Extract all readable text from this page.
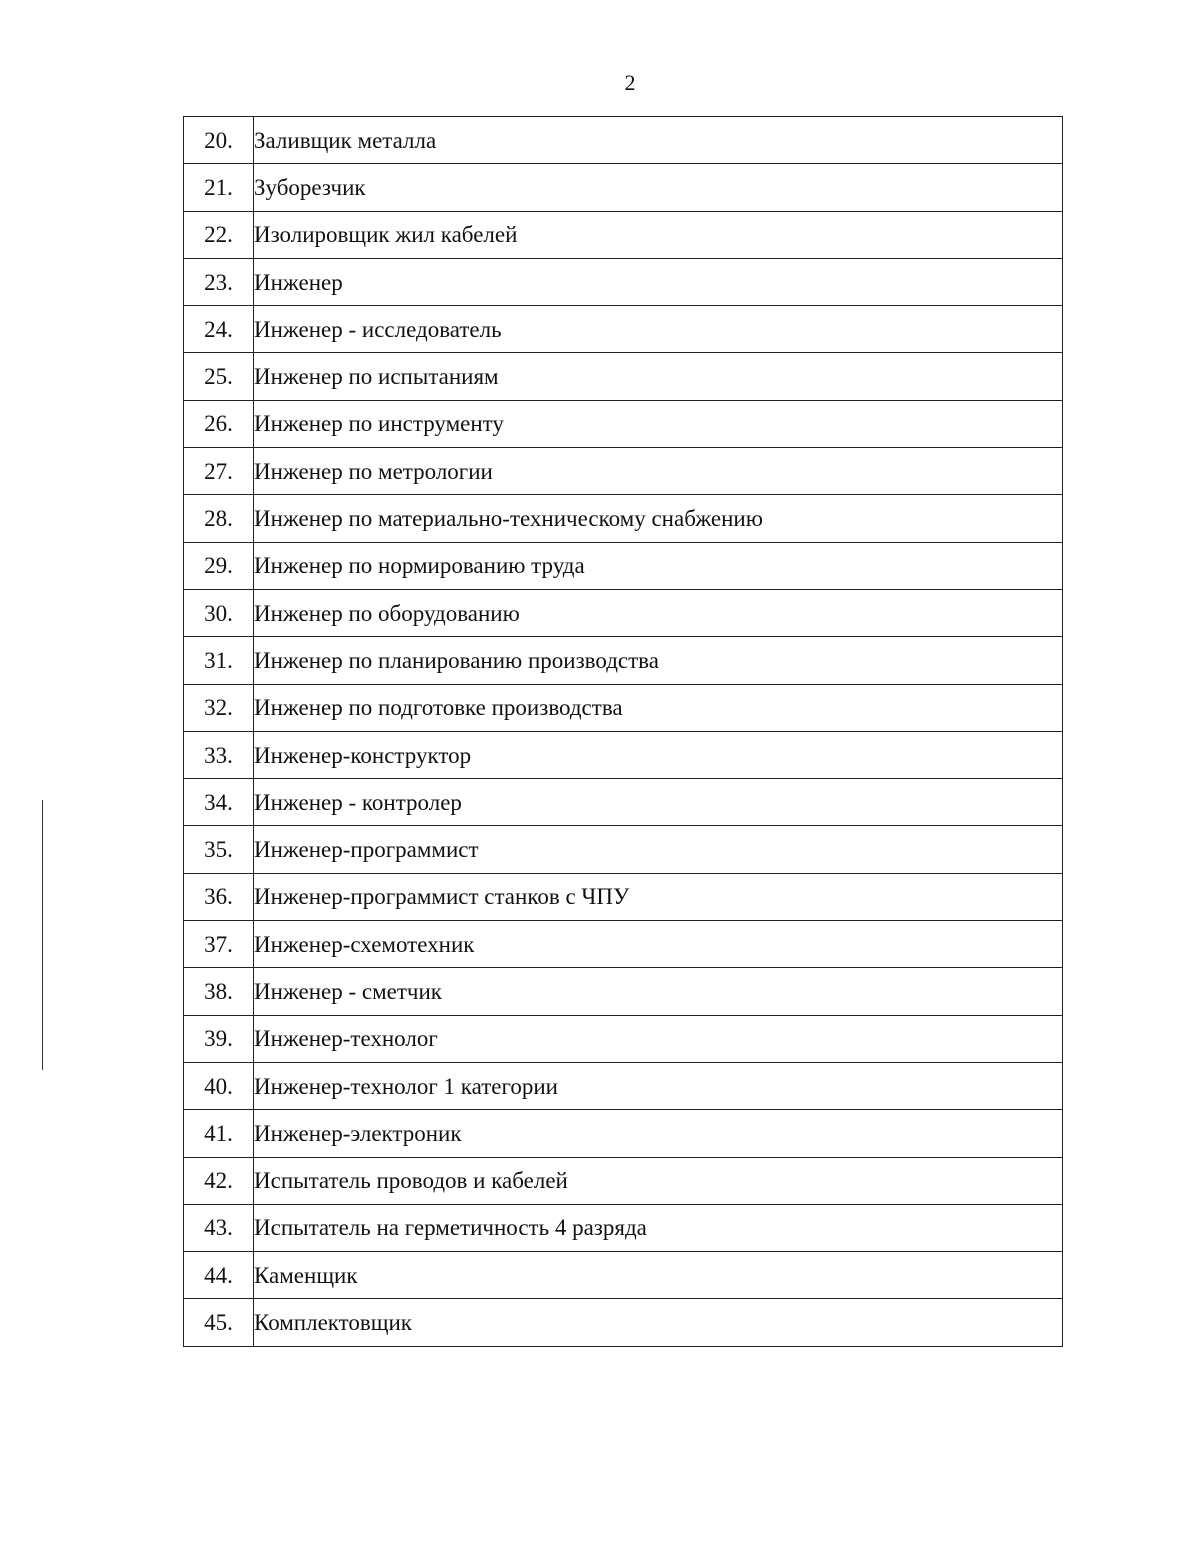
2
20.	Заливщик металла
21.	Зуборезчик
22.	Изолировщик жил кабелей
23.	Инженер
24.	Инженер - исследователь
25.	Инженер по испытаниям
26.	Инженер по инструменту
27.	Инженер по метрологии
28.	Инженер по материально-техническому снабжению
29.	Инженер по нормированию труда
30.	Инженер по оборудованию
31.	Инженер по планированию производства
32.	Инженер по подготовке производства
33.	Инженер-конструктор
34.	Инженер - контролер
35.	Инженер-программист
36.	Инженер-программист станков с ЧПУ
37.	Инженер-схемотехник
38.	Инженер - сметчик
39.	Инженер-технолог
40.	Инженер-технолог 1 категории
41.	Инженер-электроник
42.	Испытатель проводов и кабелей
43.	Испытатель на герметичность 4 разряда
44.	Каменщик
45.	Комплектовщик
